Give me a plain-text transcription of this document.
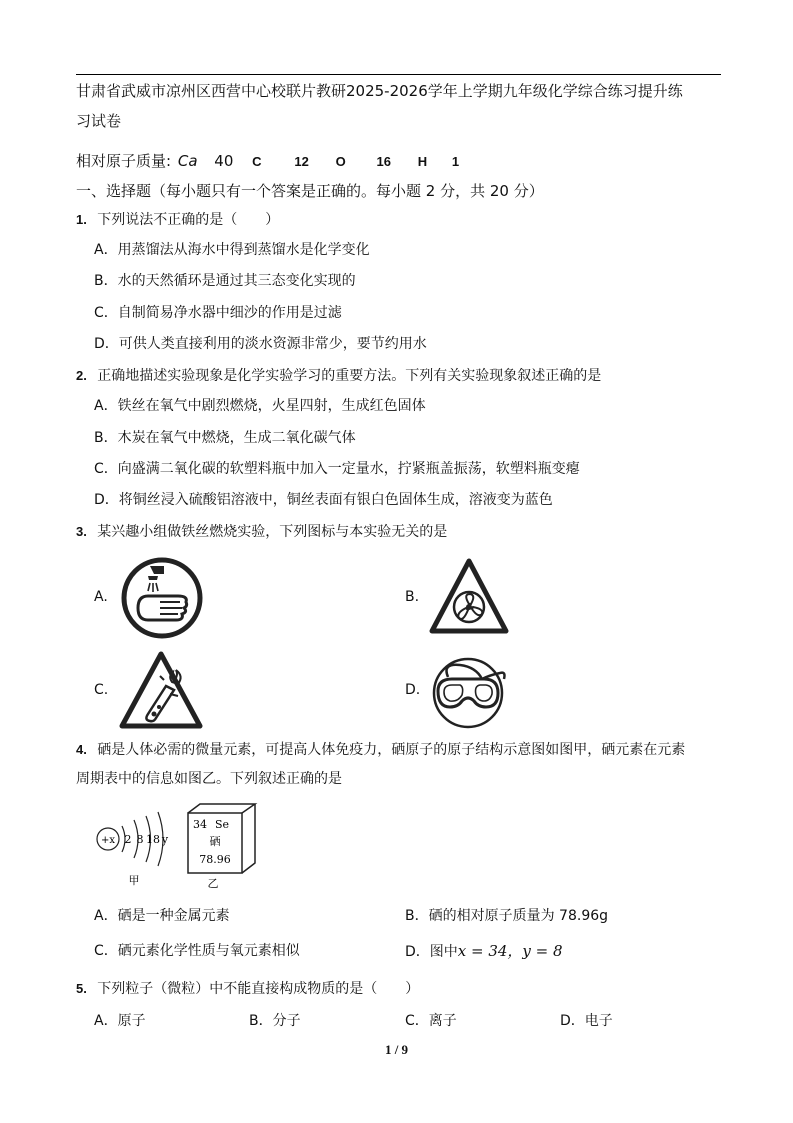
甘肃省武威市凉州区西营中心校联片教研2025-2026学年上学期九年级化学综合练习提升练
习试卷
相对原子质量: Ca 40 C	12 O 16 H 1
一、选择题（每小题只有一个答案是正确的。每小题 2 分，共 20 分）
1. 下列说法不正确的是（　　）
A．用蒸馏法从海水中得到蒸馏水是化学变化
B．水的天然循环是通过其三态变化实现的
C．自制简易净水器中细沙的作用是过滤
D．可供人类直接利用的淡水资源非常少，要节约用水
2. 正确地描述实验现象是化学实验学习的重要方法。下列有关实验现象叙述正确的是
A．铁丝在氧气中剧烈燃烧，火星四射，生成红色固体
B．木炭在氧气中燃烧，生成二氧化碳气体
C．向盛满二氧化碳的软塑料瓶中加入一定量水，拧紧瓶盖振荡，软塑料瓶变瘪
D．将铜丝浸入硫酸铝溶液中，铜丝表面有银白色固体生成，溶液变为蓝色
3. 某兴趣小组做铁丝燃烧实验，下列图标与本实验无关的是
A.	B.
C.	D.
4. 硒是人体必需的微量元素，可提高人体免疫力，硒原子的原子结构示意图如图甲，硒元素在元素
周期表中的信息如图乙。下列叙述正确的是
+x 2 8 18 y
甲
34 Se
硒
78.96
乙
A．硒是一种金属元素	B．硒的相对原子质量为 78.96g
C．硒元素化学性质与氧元素相似	D．图中x = 34，y = 8
5. 下列粒子（微粒）中不能直接构成物质的是（　　）
A．原子	B．分子	C．离子	D．电子
1 / 9
